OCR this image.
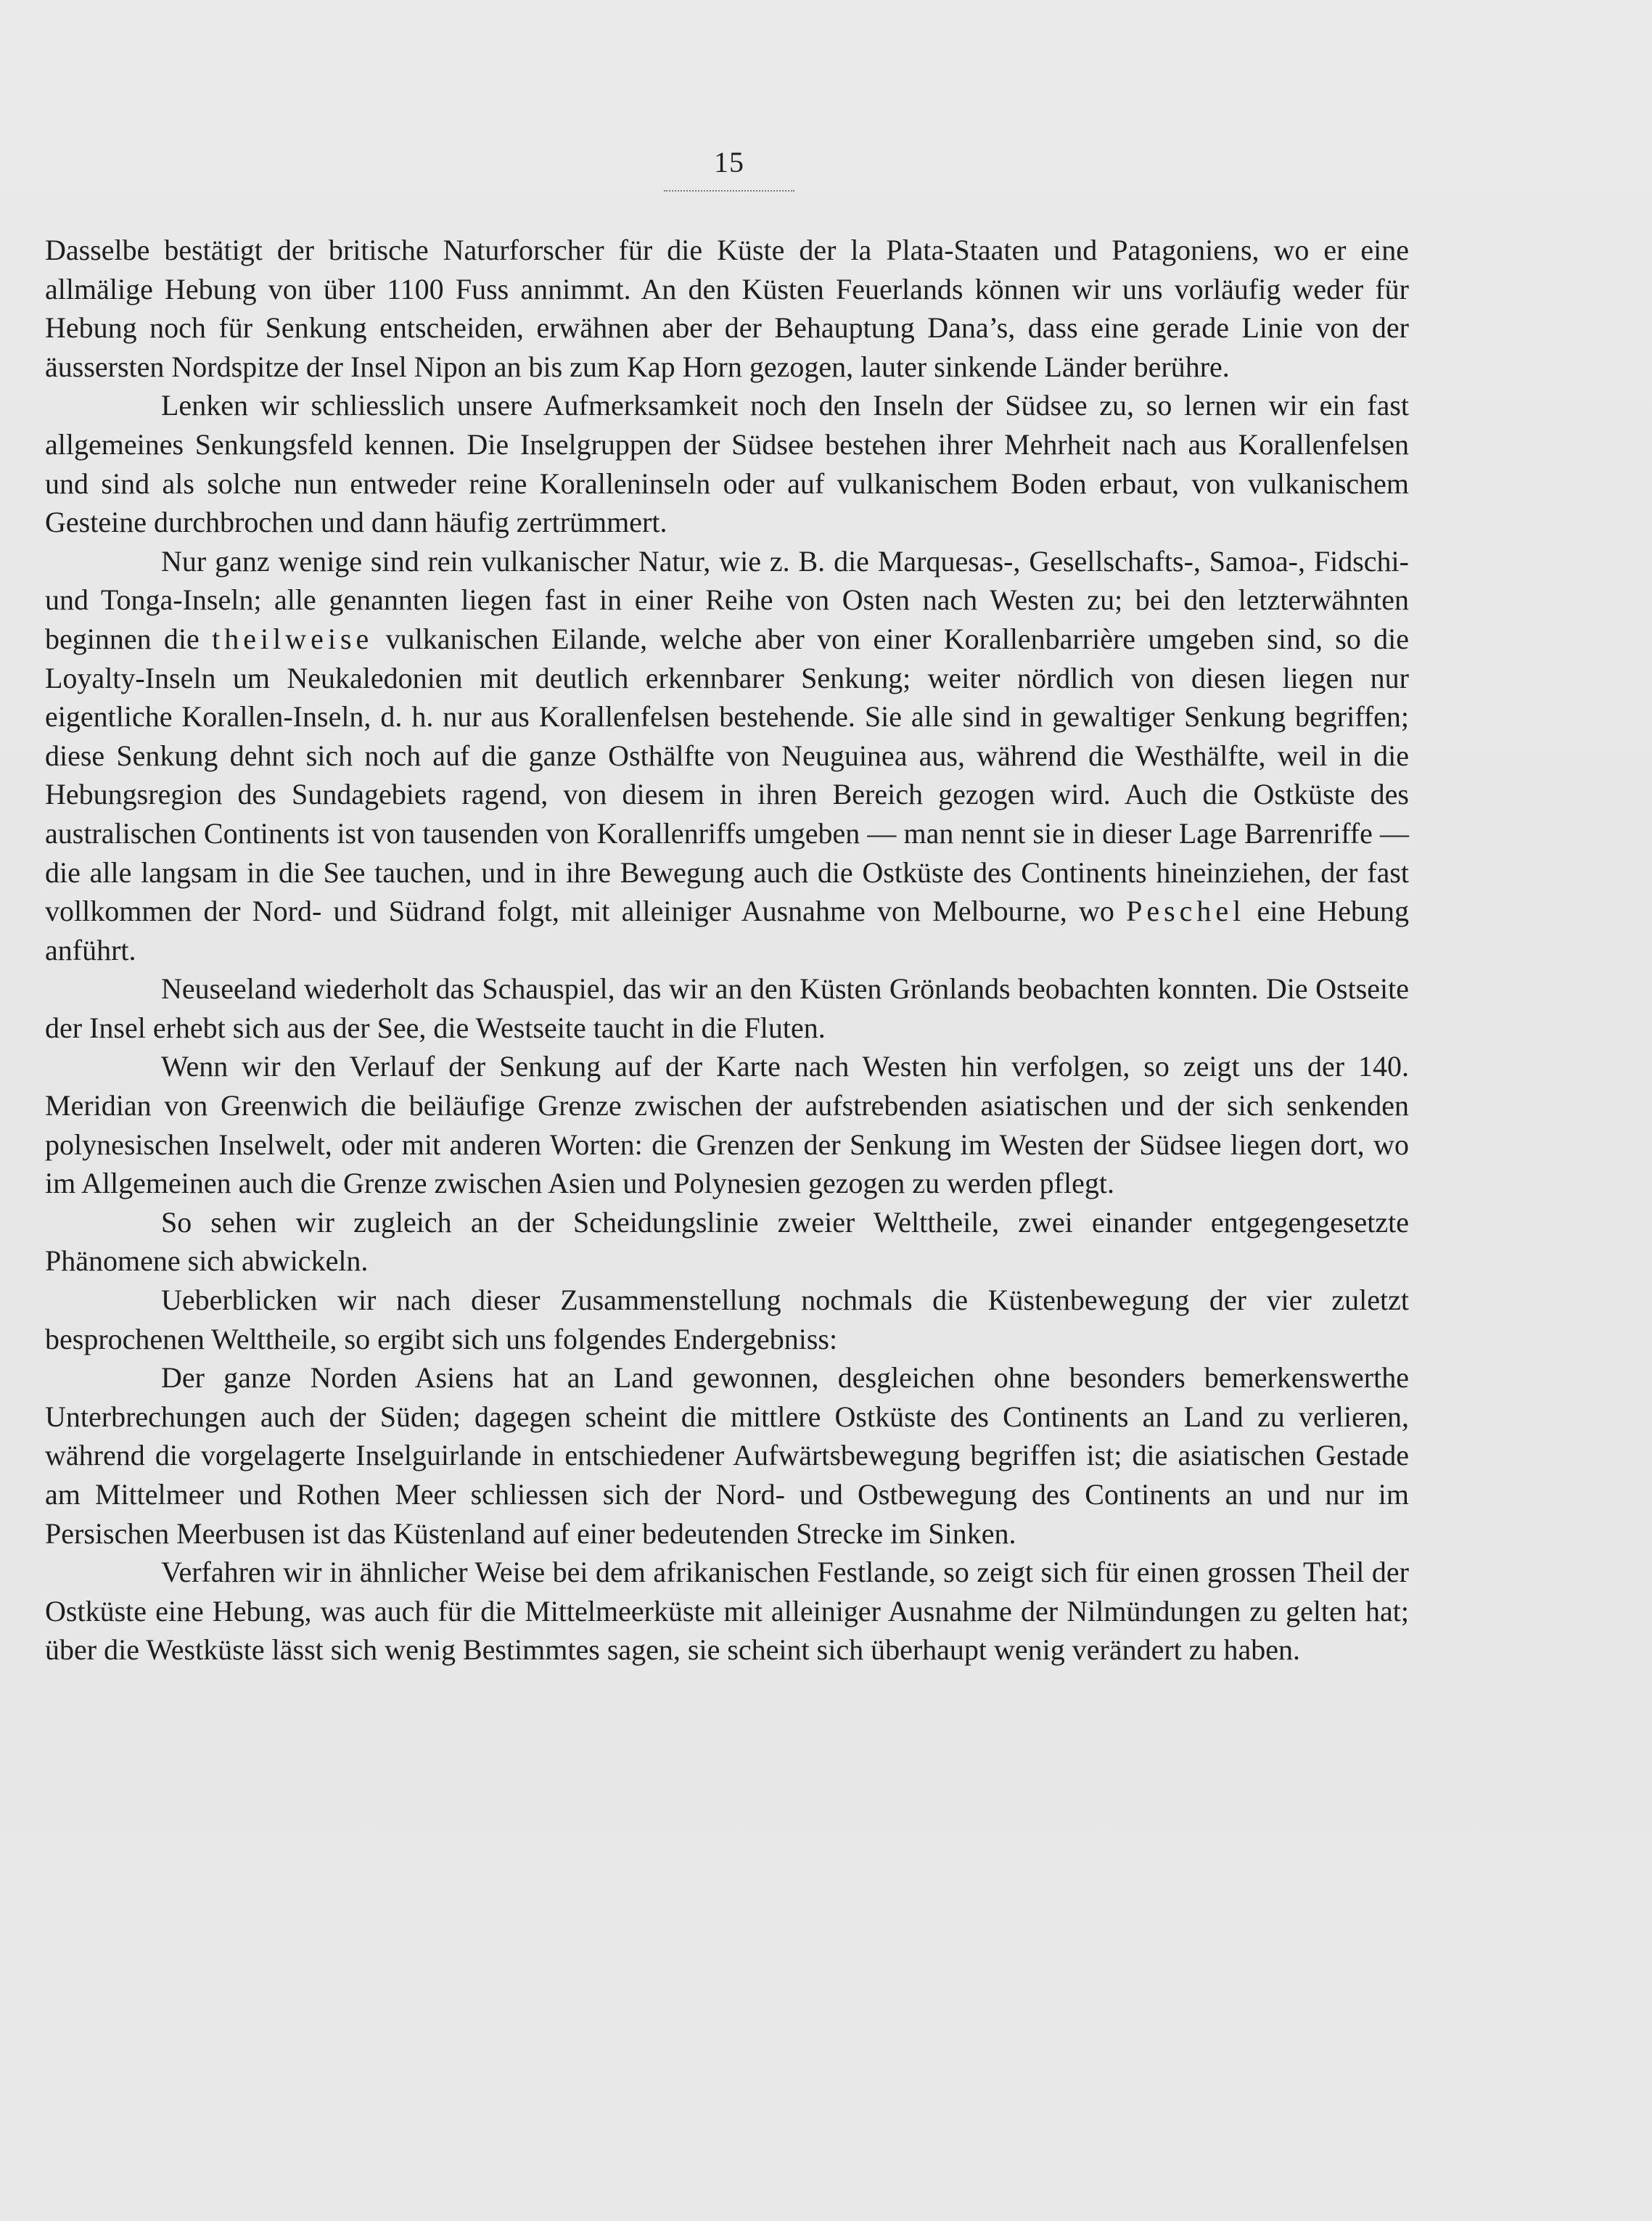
15

Dasselbe bestätigt der britische Naturforscher für die Küste der la Plata-Staaten und Patagoniens, wo er eine allmälige Hebung von über 1100 Fuss annimmt. An den Küsten Feuerlands können wir uns vorläufig weder für Hebung noch für Senkung entscheiden, erwähnen aber der Behauptung Dana’s, dass eine gerade Linie von der äussersten Nordspitze der Insel Nipon an bis zum Kap Horn gezogen, lauter sinkende Länder berühre.

Lenken wir schliesslich unsere Aufmerksamkeit noch den Inseln der Südsee zu, so lernen wir ein fast allgemeines Senkungsfeld kennen. Die Inselgruppen der Südsee bestehen ihrer Mehrheit nach aus Korallenfelsen und sind als solche nun entweder reine Koralleninseln oder auf vulkanischem Boden erbaut, von vulkanischem Gesteine durchbrochen und dann häufig zertrümmert.

Nur ganz wenige sind rein vulkanischer Natur, wie z. B. die Marquesas-, Gesellschafts-, Samoa-, Fidschi- und Tonga-Inseln; alle genannten liegen fast in einer Reihe von Osten nach Westen zu; bei den letzterwähnten beginnen die theilweise vulkanischen Eilande, welche aber von einer Korallenbarrière umgeben sind, so die Loyalty-Inseln um Neukaledonien mit deutlich erkennbarer Senkung; weiter nördlich von diesen liegen nur eigentliche Korallen-Inseln, d. h. nur aus Korallenfelsen bestehende. Sie alle sind in gewaltiger Senkung begriffen; diese Senkung dehnt sich noch auf die ganze Osthälfte von Neuguinea aus, während die Westhälfte, weil in die Hebungsregion des Sundagebiets ragend, von diesem in ihren Bereich gezogen wird. Auch die Ostküste des australischen Continents ist von tausenden von Korallenriffs umgeben — man nennt sie in dieser Lage Barrenriffe — die alle langsam in die See tauchen, und in ihre Bewegung auch die Ostküste des Continents hineinziehen, der fast vollkommen der Nord- und Südrand folgt, mit alleiniger Ausnahme von Melbourne, wo Peschel eine Hebung anführt.

Neuseeland wiederholt das Schauspiel, das wir an den Küsten Grönlands beobachten konnten. Die Ostseite der Insel erhebt sich aus der See, die Westseite taucht in die Fluten.

Wenn wir den Verlauf der Senkung auf der Karte nach Westen hin verfolgen, so zeigt uns der 140. Meridian von Greenwich die beiläufige Grenze zwischen der aufstrebenden asiatischen und der sich senkenden polynesischen Inselwelt, oder mit anderen Worten: die Grenzen der Senkung im Westen der Südsee liegen dort, wo im Allgemeinen auch die Grenze zwischen Asien und Polynesien gezogen zu werden pflegt.

So sehen wir zugleich an der Scheidungslinie zweier Welttheile, zwei einander entgegengesetzte Phänomene sich abwickeln.

Ueberblicken wir nach dieser Zusammenstellung nochmals die Küstenbewegung der vier zuletzt besprochenen Welttheile, so ergibt sich uns folgendes Endergebniss:

Der ganze Norden Asiens hat an Land gewonnen, desgleichen ohne besonders bemerkenswerthe Unterbrechungen auch der Süden; dagegen scheint die mittlere Ostküste des Continents an Land zu verlieren, während die vorgelagerte Inselguirlande in entschiedener Aufwärtsbewegung begriffen ist; die asiatischen Gestade am Mittelmeer und Rothen Meer schliessen sich der Nord- und Ostbewegung des Continents an und nur im Persischen Meerbusen ist das Küstenland auf einer bedeutenden Strecke im Sinken.

Verfahren wir in ähnlicher Weise bei dem afrikanischen Festlande, so zeigt sich für einen grossen Theil der Ostküste eine Hebung, was auch für die Mittelmeerküste mit alleiniger Ausnahme der Nilmündungen zu gelten hat; über die Westküste lässt sich wenig Bestimmtes sagen, sie scheint sich überhaupt wenig verändert zu haben.
